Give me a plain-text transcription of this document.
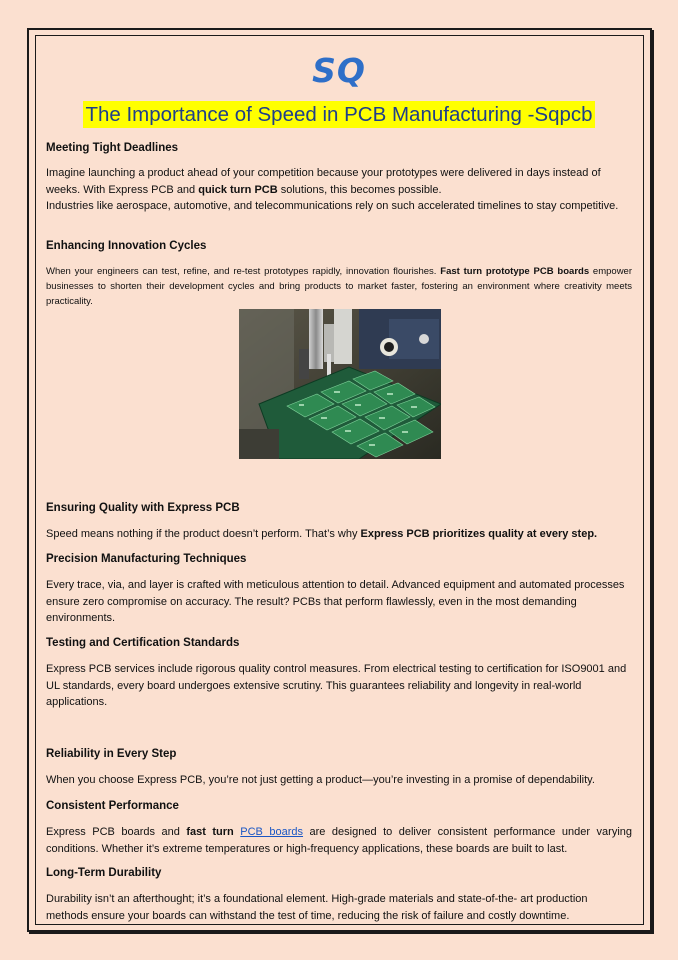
SQ
The Importance of Speed in PCB Manufacturing -Sqpcb
Meeting Tight Deadlines

Imagine launching a product ahead of your competition because your prototypes were delivered in days instead of weeks. With Express PCB and quick turn PCB solutions, this becomes possible.

Industries like aerospace, automotive, and telecommunications rely on such accelerated timelines to stay competitive.

Enhancing Innovation Cycles

When your engineers can test, refine, and re-test prototypes rapidly, innovation flourishes. Fast turn prototype PCB boards empower businesses to shorten their development cycles and bring products to market faster, fostering an environment where creativity meets practicality.

Ensuring Quality with Express PCB

Speed means nothing if the product doesn’t perform. That’s why Express PCB prioritizes quality at every step.

Precision Manufacturing Techniques

Every trace, via, and layer is crafted with meticulous attention to detail. Advanced equipment and automated processes ensure zero compromise on accuracy. The result? PCBs that perform flawlessly, even in the most demanding environments.

Testing and Certification Standards

Express PCB services include rigorous quality control measures. From electrical testing to certification for ISO9001 and UL standards, every board undergoes extensive scrutiny. This guarantees reliability and longevity in real-world applications.

Reliability in Every Step

When you choose Express PCB, you’re not just getting a product—you’re investing in a promise of dependability.

Consistent Performance

Express PCB boards and fast turn PCB boards are designed to deliver consistent performance under varying conditions. Whether it’s extreme temperatures or high-frequency applications, these boards are built to last.

Long-Term Durability

Durability isn’t an afterthought; it’s a foundational element. High-grade materials and state-of-the- art production methods ensure your boards can withstand the test of time, reducing the risk of failure and costly downtime.
